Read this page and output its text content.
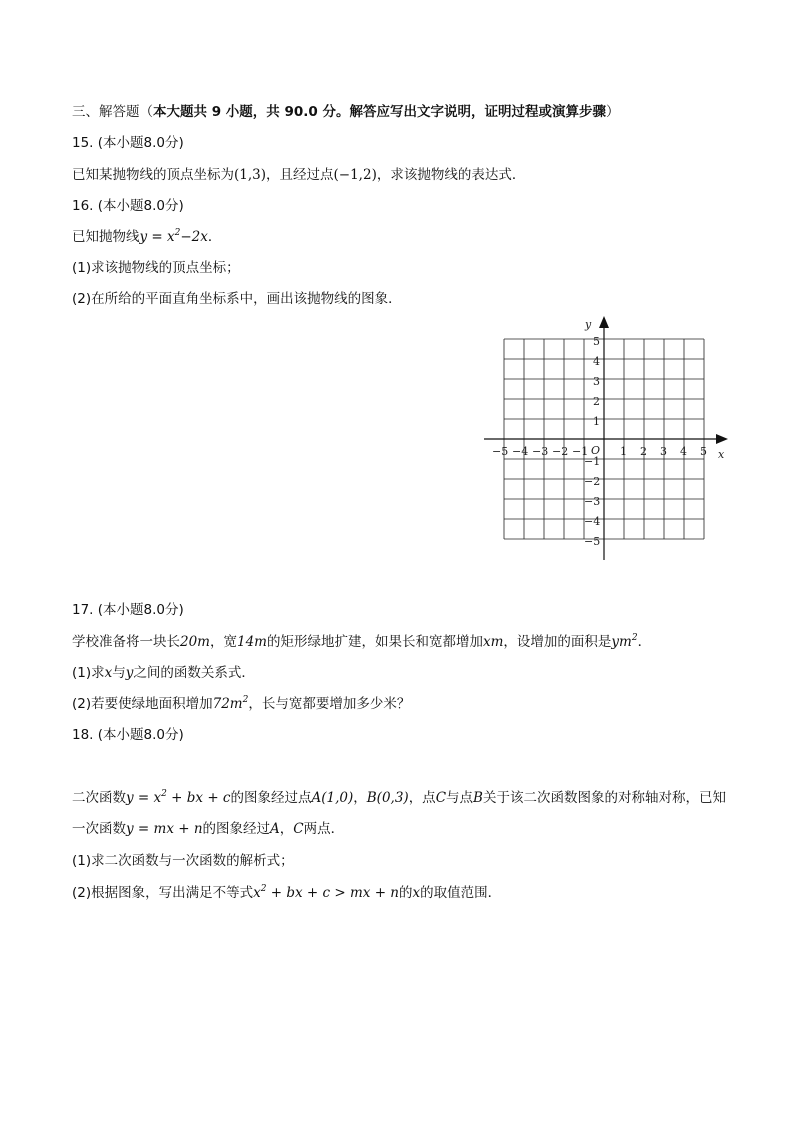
三、解答题（本大题共 9 小题，共 90.0 分。解答应写出文字说明，证明过程或演算步骤）
15. (本小题8.0分)
已知某抛物线的顶点坐标为(1,3)，且经过点(−1,2)，求该抛物线的表达式．
16. (本小题8.0分)
已知抛物线$y = x^2-2x$．
(1)求该抛物线的顶点坐标；
(2)在所给的平面直角坐标系中，画出该抛物线的图象．
x
y
O
−5 −4 −3 −2 −1	1 2 3 4 5
5
4
3
2
1
−1
−2
−3
−4
−5
17. (本小题8.0分)
学校准备将一块长20m，宽14m的矩形绿地扩建，如果长和宽都增加xm，设增加的面积是$ym^2$．
(1)求x与y之间的函数关系式．
(2)若要使绿地面积增加$72m^2$，长与宽都要增加多少米？
18. (本小题8.0分)
二次函数$y = x^2$ + bx + c的图象经过点A(1,0)，B(0,3)，点C与点B关于该二次函数图象的对称轴对称，已知
一次函数y = mx + n的图象经过A，C两点．
(1)求二次函数与一次函数的解析式；
(2)根据图象，写出满足不等式$x^2$ + bx + c > mx + n的x的取值范围．
